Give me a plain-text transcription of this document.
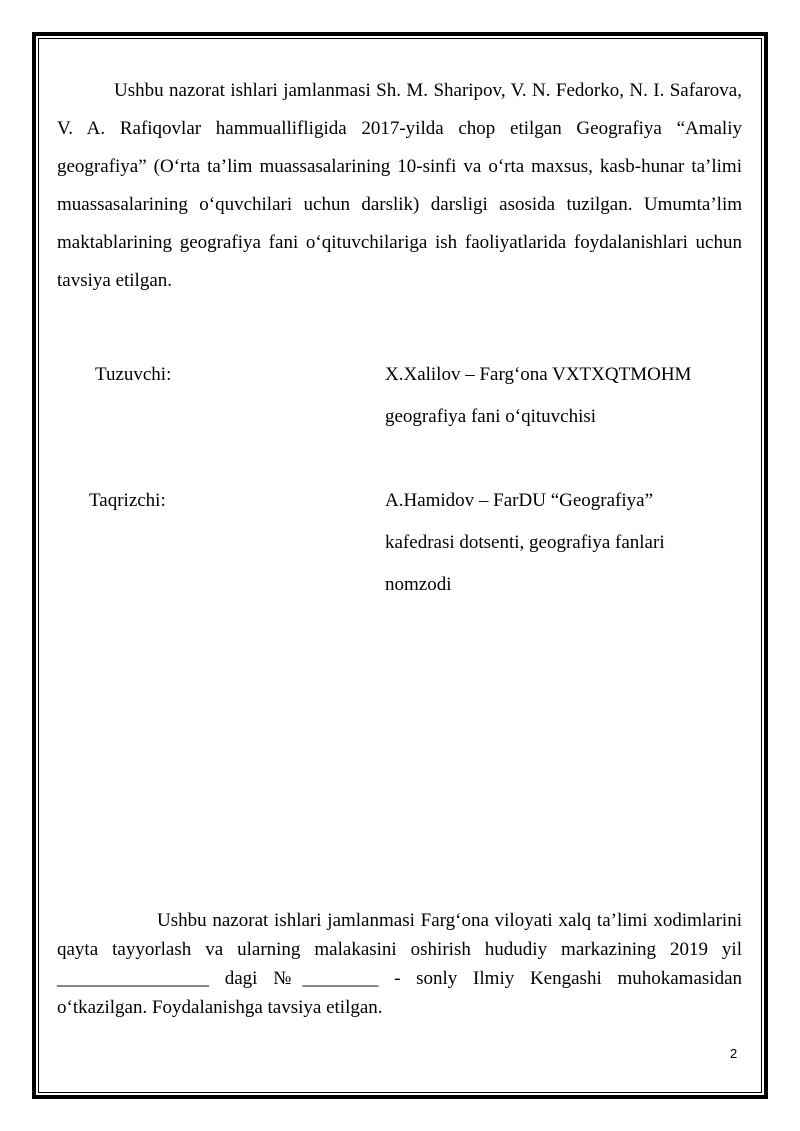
Ushbu nazorat ishlari jamlanmasi Sh. M. Sharipov, V. N. Fedorko, N. I. Safarova, V. A. Rafiqovlar hammuallifligida 2017-yilda chop etilgan Geografiya “Amaliy geografiya” (O‘rta ta’lim muassasalarining 10-sinfi va o‘rta maxsus, kasb-hunar ta’limi muassasalarining o‘quvchilari uchun darslik) darsligi asosida tuzilgan. Umumta’lim maktablarining geografiya fani o‘qituvchilariga ish faoliyatlarida foydalanishlari uchun tavsiya etilgan.

Tuzuvchi:	X.Xalilov – Farg‘ona VXTXQTMOHM
geografiya fani o‘qituvchisi
Taqrizchi:	A.Hamidov – FarDU “Geografiya”
kafedrasi dotsenti, geografiya fanlari
nomzodi

Ushbu nazorat ishlari jamlanmasi Farg‘ona viloyati xalq ta’limi xodimlarini qayta tayyorlash va ularning malakasini oshirish hududiy markazining 2019 yil ________________ dagi №________ - sonly Ilmiy Kengashi muhokamasidan o‘tkazilgan. Foydalanishga tavsiya etilgan.

2
